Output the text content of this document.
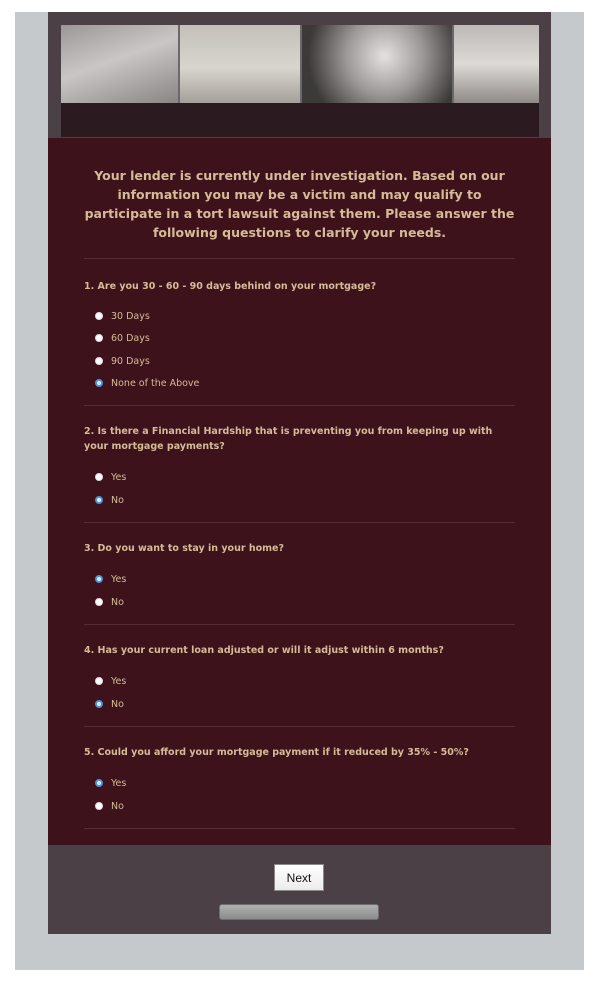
Your lender is currently under investigation. Based on our information you may be a victim and may qualify to participate in a tort lawsuit against them. Please answer the following questions to clarify your needs.

1. Are you 30 - 60 - 90 days behind on your mortgage?

30 Days
60 Days
90 Days
None of the Above

2. Is there a Financial Hardship that is preventing you from keeping up with your mortgage payments?

Yes
No

3. Do you want to stay in your home?

Yes
No

4. Has your current loan adjusted or will it adjust within 6 months?

Yes
No

5. Could you afford your mortgage payment if it reduced by 35% - 50%?

Yes
No
Next
